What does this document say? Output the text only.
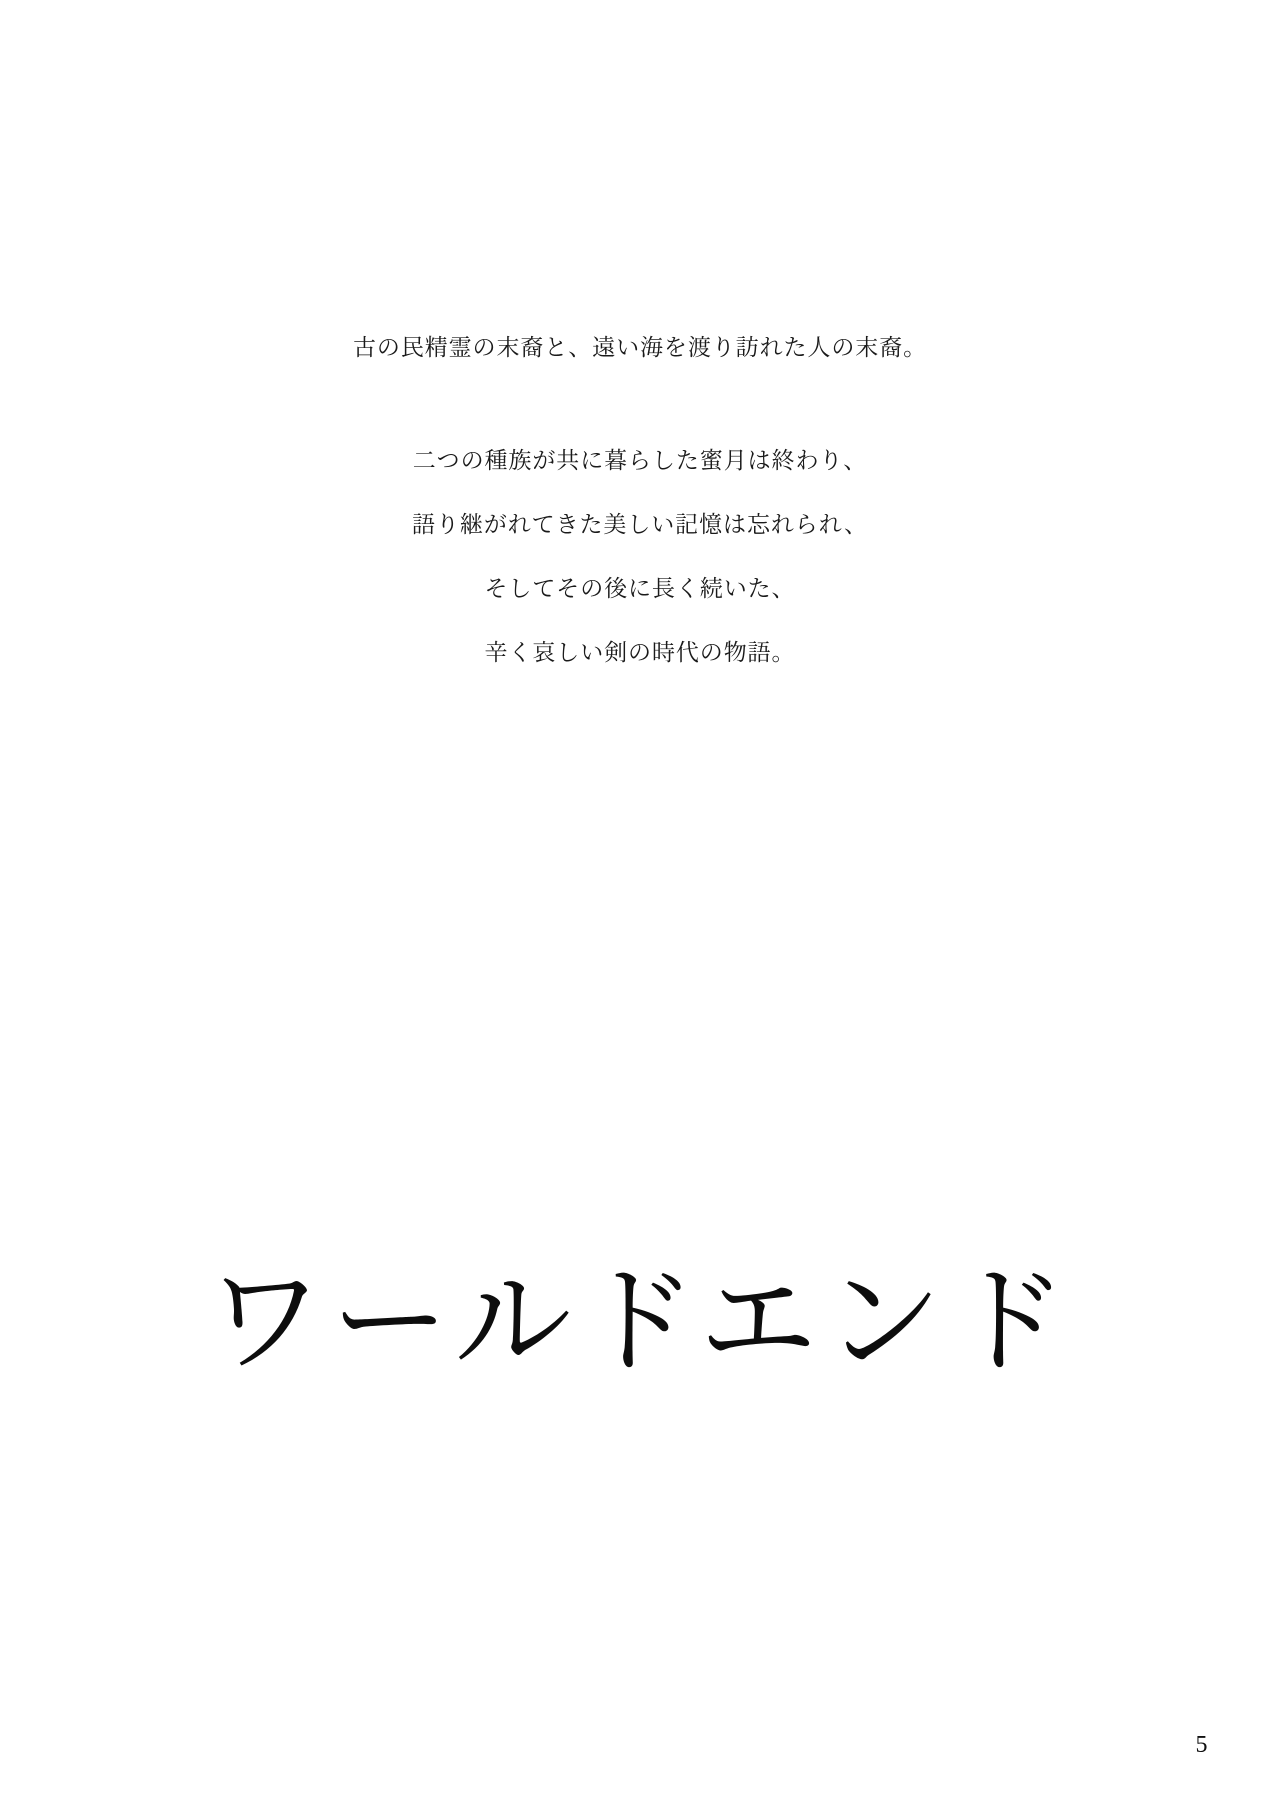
古の民精霊の末裔と、遠い海を渡り訪れた人の末裔。

二つの種族が共に暮らした蜜月は終わり、

語り継がれてきた美しい記憶は忘れられ、

そしてその後に長く続いた、

辛く哀しい剣の時代の物語。

ワールドエンド
5
